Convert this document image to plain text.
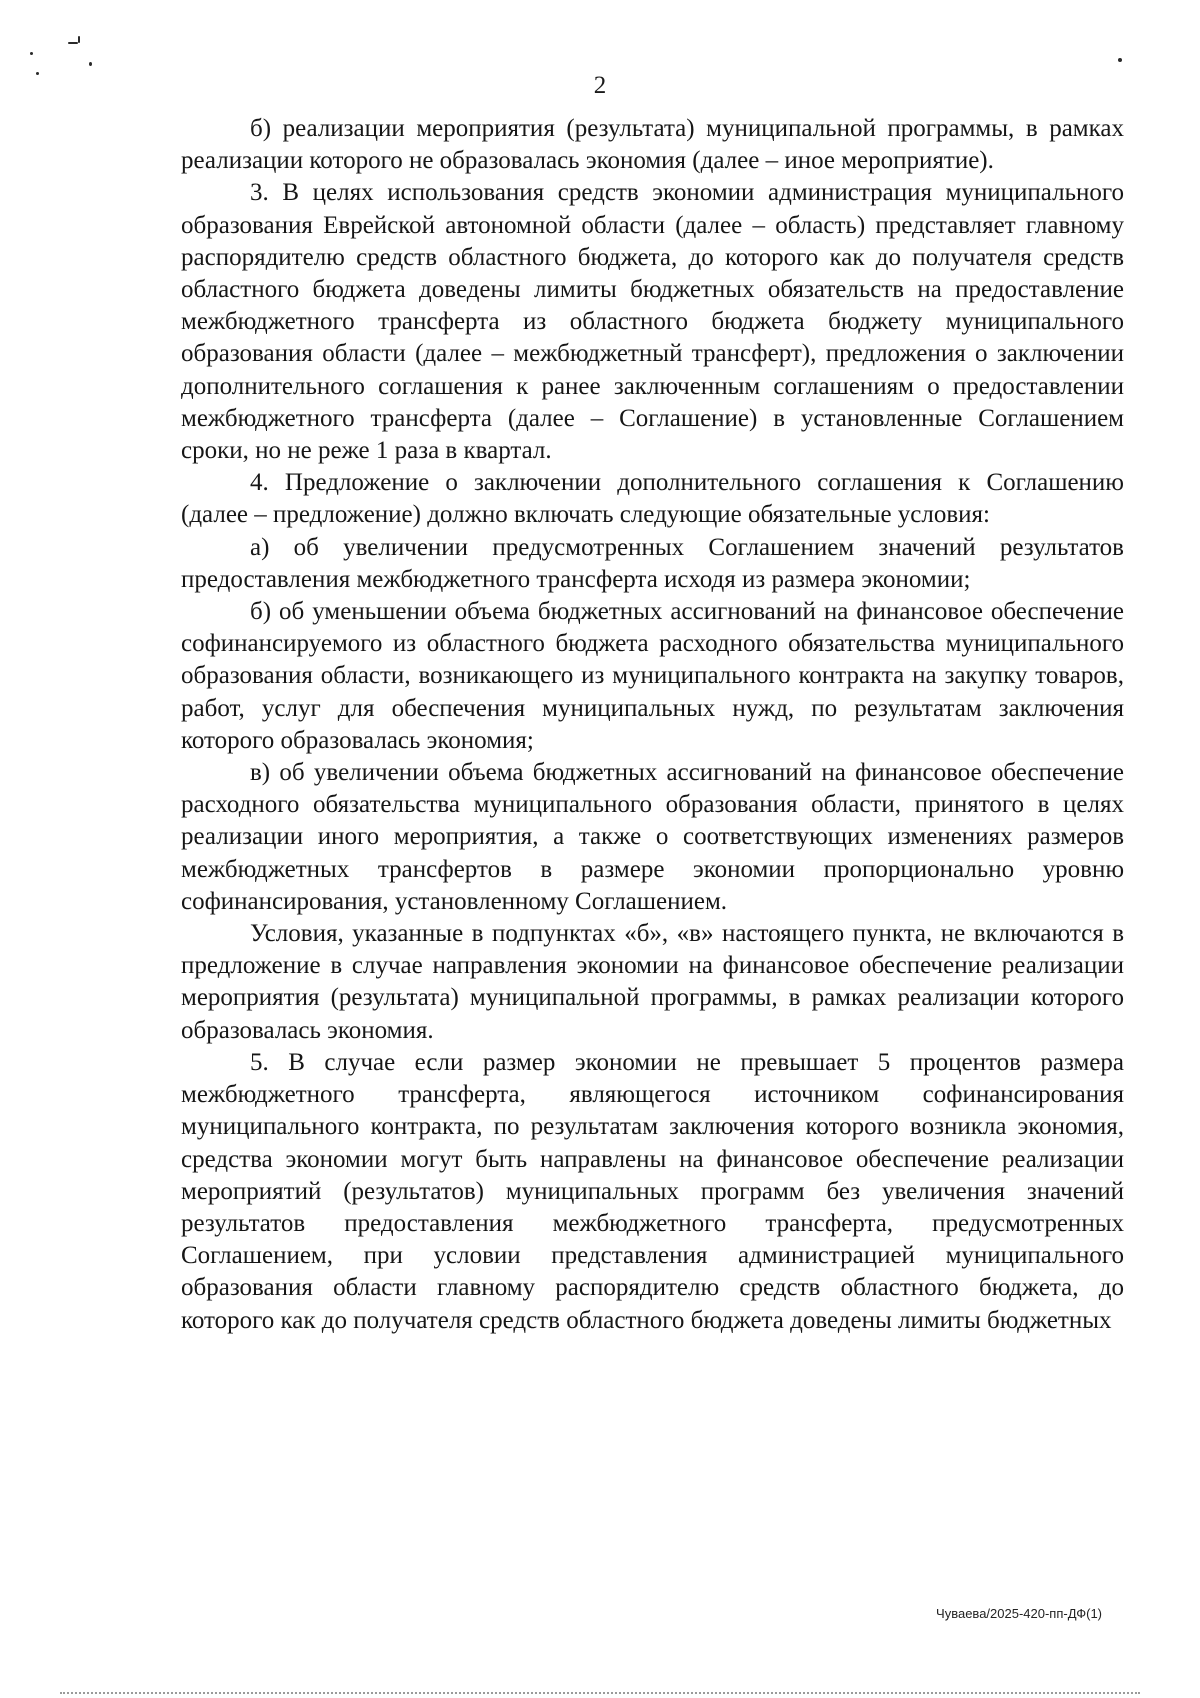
2

б) реализации мероприятия (результата) муниципальной программы, в рамках реализации которого не образовалась экономия (далее – иное мероприятие).

3. В целях использования средств экономии администрация муниципального образования Еврейской автономной области (далее – область) представляет главному распорядителю средств областного бюджета, до которого как до получателя средств областного бюджета доведены лимиты бюджетных обязательств на предоставление межбюджетного трансферта из областного бюджета бюджету муниципального образования области (далее – межбюджетный трансферт), предложения о заключении дополнительного соглашения к ранее заключенным соглашениям о предоставлении межбюджетного трансферта (далее – Соглашение) в установленные Соглашением сроки, но не реже 1 раза в квартал.

4. Предложение о заключении дополнительного соглашения к Соглашению (далее – предложение) должно включать следующие обязательные условия:

а) об увеличении предусмотренных Соглашением значений результатов предоставления межбюджетного трансферта исходя из размера экономии;

б) об уменьшении объема бюджетных ассигнований на финансовое обеспечение софинансируемого из областного бюджета расходного обязательства муниципального образования области, возникающего из муниципального контракта на закупку товаров, работ, услуг для обеспечения муниципальных нужд, по результатам заключения которого образовалась экономия;

в) об увеличении объема бюджетных ассигнований на финансовое обеспечение расходного обязательства муниципального образования области, принятого в целях реализации иного мероприятия, а также о соответствующих изменениях размеров межбюджетных трансфертов в размере экономии пропорционально уровню софинансирования, установленному Соглашением.

Условия, указанные в подпунктах «б», «в» настоящего пункта, не включаются в предложение в случае направления экономии на финансовое обеспечение реализации мероприятия (результата) муниципальной программы, в рамках реализации которого образовалась экономия.

5. В случае если размер экономии не превышает 5 процентов размера межбюджетного трансферта, являющегося источником софинансирования муниципального контракта, по результатам заключения которого возникла экономия, средства экономии могут быть направлены на финансовое обеспечение реализации мероприятий (результатов) муниципальных программ без увеличения значений результатов предоставления межбюджетного трансферта, предусмотренных Соглашением, при условии представления администрацией муниципального образования области главному распорядителю средств областного бюджета, до которого как до получателя средств областного бюджета доведены лимиты бюджетных

Чуваева/2025-420-пп-ДФ(1)
